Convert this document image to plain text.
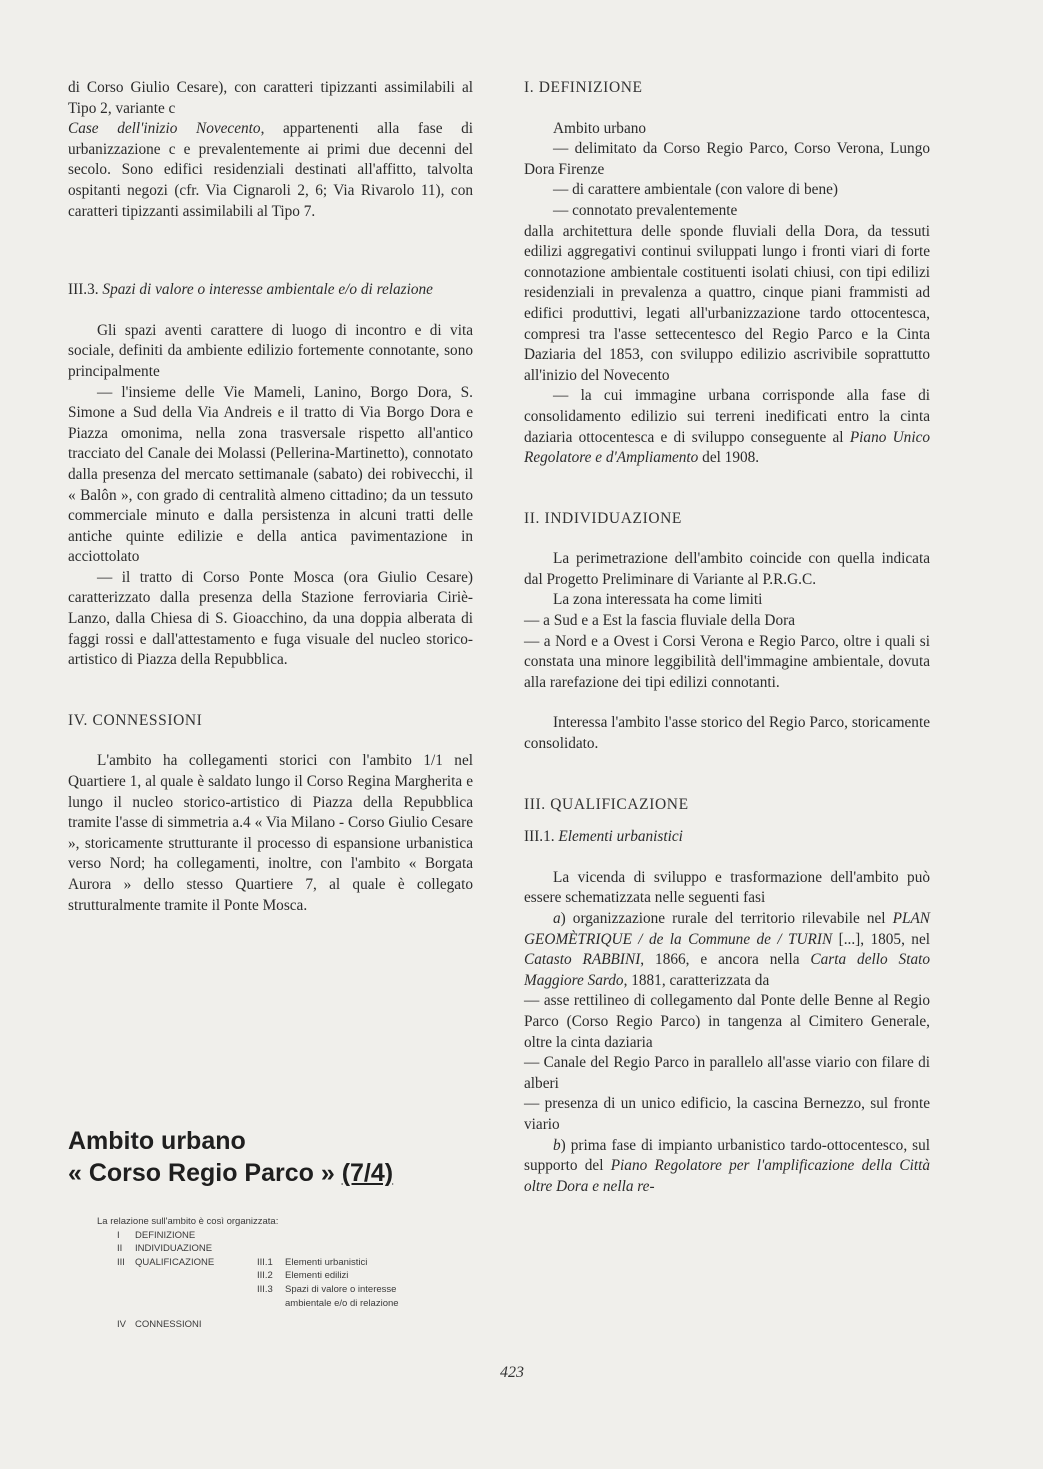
di Corso Giulio Cesare), con caratteri tipizzanti assimilabili al Tipo 2, variante c

Case dell'inizio Novecento, appartenenti alla fase di urbanizzazione c e prevalentemente ai primi due decenni del secolo. Sono edifici residenziali destinati all'affitto, talvolta ospitanti negozi (cfr. Via Cignaroli 2, 6; Via Rivarolo 11), con caratteri tipizzanti assimilabili al Tipo 7.

III.3. Spazi di valore o interesse ambientale e/o di relazione

Gli spazi aventi carattere di luogo di incontro e di vita sociale, definiti da ambiente edilizio fortemente connotante, sono principalmente

— l'insieme delle Vie Mameli, Lanino, Borgo Dora, S. Simone a Sud della Via Andreis e il tratto di Via Borgo Dora e Piazza omonima, nella zona trasversale rispetto all'antico tracciato del Canale dei Molassi (Pellerina-Martinetto), connotato dalla presenza del mercato settimanale (sabato) dei robivecchi, il « Balôn », con grado di centralità almeno cittadino; da un tessuto commerciale minuto e dalla persistenza in alcuni tratti delle antiche quinte edilizie e della antica pavimentazione in acciottolato

— il tratto di Corso Ponte Mosca (ora Giulio Cesare) caratterizzato dalla presenza della Stazione ferroviaria Ciriè-Lanzo, dalla Chiesa di S. Gioacchino, da una doppia alberata di faggi rossi e dall'attestamento e fuga visuale del nucleo storico-artistico di Piazza della Repubblica.

IV. CONNESSIONI

L'ambito ha collegamenti storici con l'ambito 1/1 nel Quartiere 1, al quale è saldato lungo il Corso Regina Margherita e lungo il nucleo storico-artistico di Piazza della Repubblica tramite l'asse di simmetria a.4 « Via Milano - Corso Giulio Cesare », storicamente strutturante il processo di espansione urbanistica verso Nord; ha collegamenti, inoltre, con l'ambito « Borgata Aurora » dello stesso Quartiere 7, al quale è collegato strutturalmente tramite il Ponte Mosca.

Ambito urbano
« Corso Regio Parco » (7/4)
La relazione sull'ambito è così organizzata:
I DEFINIZIONE
II INDIVIDUAZIONE
III QUALIFICAZIONE	III.1 Elementi urbanistici
III.2 Elementi edilizi
III.3 Spazi di valore o interesse
ambientale e/o di relazione
IV CONNESSIONI
I. DEFINIZIONE

Ambito urbano

— delimitato da Corso Regio Parco, Corso Verona, Lungo Dora Firenze

— di carattere ambientale (con valore di bene)

— connotato prevalentemente

dalla architettura delle sponde fluviali della Dora, da tessuti edilizi aggregativi continui sviluppati lungo i fronti viari di forte connotazione ambientale costituenti isolati chiusi, con tipi edilizi residenziali in prevalenza a quattro, cinque piani frammisti ad edifici produttivi, legati all'urbanizzazione tardo ottocentesca, compresi tra l'asse settecentesco del Regio Parco e la Cinta Daziaria del 1853, con sviluppo edilizio ascrivibile soprattutto all'inizio del Novecento

— la cui immagine urbana corrisponde alla fase di consolidamento edilizio sui terreni inedificati entro la cinta daziaria ottocentesca e di sviluppo conseguente al Piano Unico Regolatore e d'Ampliamento del 1908.

II. INDIVIDUAZIONE

La perimetrazione dell'ambito coincide con quella indicata dal Progetto Preliminare di Variante al P.R.G.C.

La zona interessata ha come limiti

— a Sud e a Est la fascia fluviale della Dora

— a Nord e a Ovest i Corsi Verona e Regio Parco, oltre i quali si constata una minore leggibilità dell'immagine ambientale, dovuta alla rarefazione dei tipi edilizi connotanti.

Interessa l'ambito l'asse storico del Regio Parco, storicamente consolidato.

III. QUALIFICAZIONE

III.1. Elementi urbanistici

La vicenda di sviluppo e trasformazione dell'ambito può essere schematizzata nelle seguenti fasi

a) organizzazione rurale del territorio rilevabile nel PLAN GEOMÈTRIQUE / de la Commune de / TURIN [...], 1805, nel Catasto RABBINI, 1866, e ancora nella Carta dello Stato Maggiore Sardo, 1881, caratterizzata da

— asse rettilineo di collegamento dal Ponte delle Benne al Regio Parco (Corso Regio Parco) in tangenza al Cimitero Generale, oltre la cinta daziaria

— Canale del Regio Parco in parallelo all'asse viario con filare di alberi

— presenza di un unico edificio, la cascina Bernezzo, sul fronte viario

b) prima fase di impianto urbanistico tardo-ottocentesco, sul supporto del Piano Regolatore per l'amplificazione della Città oltre Dora e nella re-

423
